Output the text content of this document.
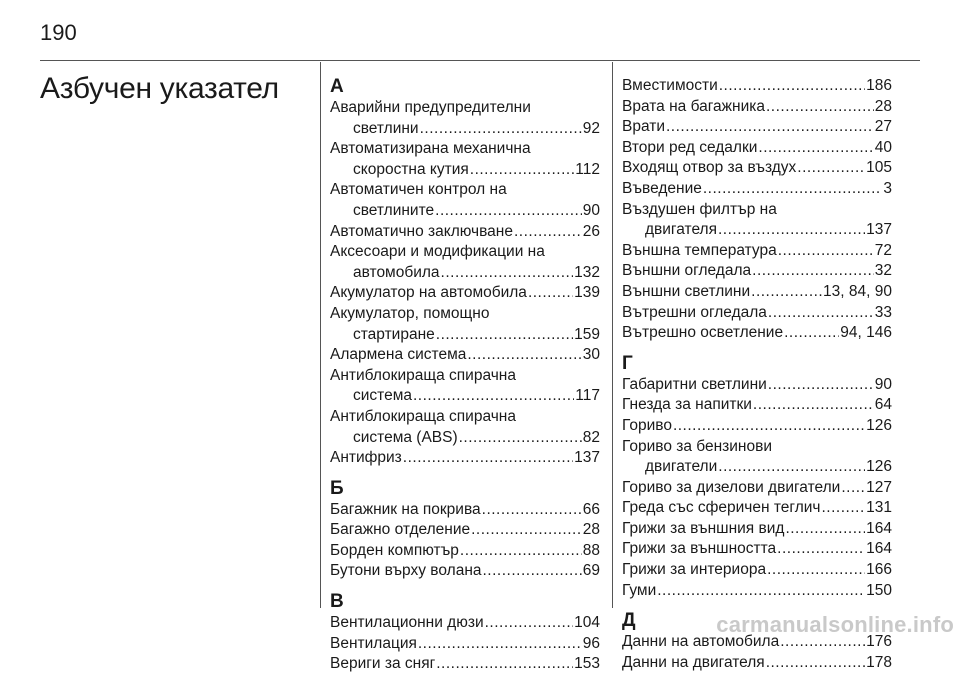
190
Азбучен указател	А
Аварийни предупредителни
светлини .....	92
Автоматизирана механична
скоростна кутия .....	112
Автоматичен контрол на
светлините .....	90
Автоматично заключване .....	26
Аксесоари и модификации на
автомобила .....	132
Акумулатор на автомобила .....	139
Акумулатор, помощно
стартиране .....	159
Алармена система .....	30
Антиблокираща спирачна
система .....	117
Антиблокираща спирачна
система (ABS) .....	82
Антифриз .....	137
Б
Багажник на покрива .....	66
Багажно отделение .....	28
Борден компютър .....	88
Бутони върху волана .....	69
В
Вентилационни дюзи .....	104
Вентилация .....	96
Вериги за сняг .....	153
Вместимости .....	186
Врата на багажника .....	28
Врати .....	27
Втори ред седалки .....	40
Входящ отвор за въздух .....	105
Въведение .....	3
Въздушен филтър на
двигателя .....	137
Външна температура .....	72
Външни огледала .....	32
Външни светлини .....	13, 84, 90
Вътрешни огледала .....	33
Вътрешно осветление .....	94, 146
Г
Габаритни светлини .....	90
Гнезда за напитки .....	64
Гориво .....	126
Гориво за бензинови
двигатели .....	126
Гориво за дизелови двигатели ..... 127
Греда със сферичен теглич .....	131
Грижи за външния вид .....	164
Грижи за външността .....	164
Грижи за интериора .....	166
Гуми .....	150
Д
Данни на автомобила .....	176
Данни на двигателя .....	178
carmanualsonline.info
